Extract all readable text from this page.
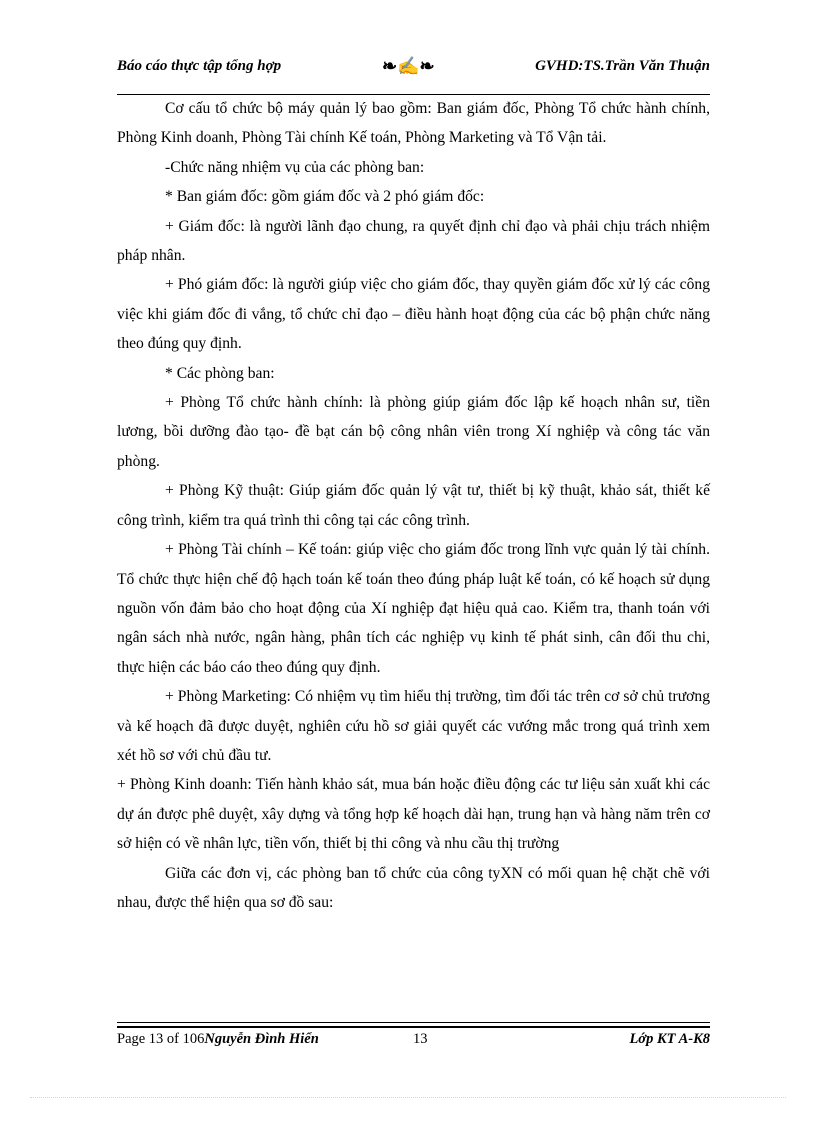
Báo cáo thực tập tổng hợp	❧✍❧	GVHD:TS.Trần Văn Thuận

Cơ cấu tổ chức bộ máy quản lý bao gồm: Ban giám đốc, Phòng Tổ chức hành chính, Phòng Kinh doanh, Phòng Tài chính Kế toán, Phòng Marketing và Tổ Vận tải.

-Chức năng nhiệm vụ của các phòng ban:

* Ban giám đốc: gồm giám đốc và 2 phó giám đốc:

+ Giám đốc: là người lãnh đạo chung, ra quyết định chỉ đạo và phải chịu trách nhiệm pháp nhân.

+ Phó giám đốc: là người giúp việc cho giám đốc, thay quyền giám đốc xử lý các công việc khi giám đốc đi vắng, tổ chức chỉ đạo – điều hành hoạt động của các bộ phận chức năng theo đúng quy định.

* Các phòng ban:

+ Phòng Tổ chức hành chính: là phòng giúp giám đốc lập kế hoạch nhân sư, tiền lương, bồi dưỡng đào tạo- đề bạt cán bộ công nhân viên trong Xí nghiệp và công tác văn phòng.

+ Phòng Kỹ thuật: Giúp giám đốc quản lý vật tư, thiết bị kỹ thuật, khảo sát, thiết kế công trình, kiểm tra quá trình thi công tại các công trình.

+ Phòng Tài chính – Kế toán: giúp việc cho giám đốc trong lĩnh vực quản lý tài chính. Tổ chức thực hiện chế độ hạch toán kế toán theo đúng pháp luật kế toán, có kế hoạch sử dụng nguồn vốn đảm bảo cho hoạt động của Xí nghiệp đạt hiệu quả cao. Kiểm tra, thanh toán với ngân sách nhà nước, ngân hàng, phân tích các nghiệp vụ kinh tế phát sinh, cân đối thu chi, thực hiện các báo cáo theo đúng quy định.

+ Phòng Marketing: Có nhiệm vụ tìm hiểu thị trường, tìm đối tác trên cơ sở chủ trương và kế hoạch đã được duyệt, nghiên cứu hồ sơ giải quyết các vướng mắc trong quá trình xem xét hồ sơ với chủ đầu tư.

+ Phòng Kinh doanh: Tiến hành khảo sát, mua bán hoặc điều động các tư liệu sản xuất khi các dự án được phê duyệt, xây dựng và tổng hợp kế hoạch dài hạn, trung hạn và hàng năm trên cơ sở hiện có về nhân lực, tiền vốn, thiết bị thi công và nhu cầu thị trường

Giữa các đơn vị, các phòng ban tổ chức của công tyXN có mối quan hệ chặt chẽ với nhau, được thể hiện qua sơ đồ sau:

Page 13 of 106Nguyễn Đình Hiển	13	Lớp KT A-K8
